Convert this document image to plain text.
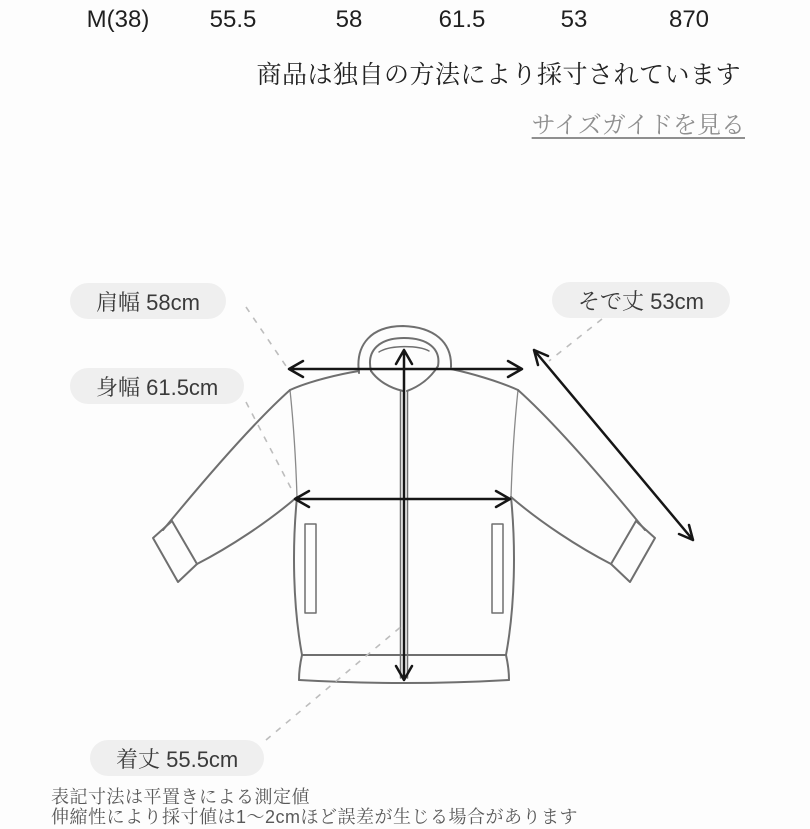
M(38)	55.5	58	61.5	53	870
商品は独自の方法により採寸されています
サイズガイドを見る
肩幅 58cm	そで丈 53cm
身幅 61.5cm
着丈 55.5cm
表記寸法は平置きによる測定値
伸縮性により採寸値は1〜2cmほど誤差が生じる場合があります
